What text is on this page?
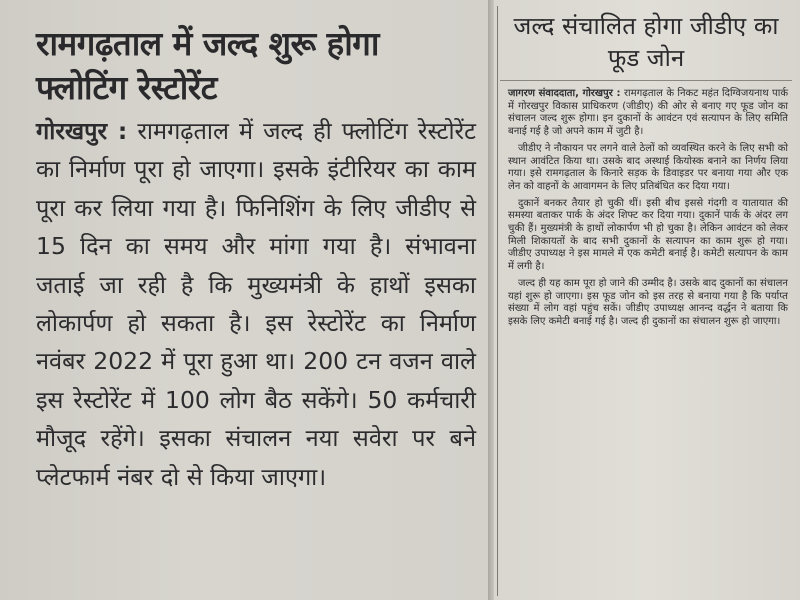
रामगढ़ताल में जल्द शुरू होगा फ्लोटिंग रेस्टोरेंट
गोरखपुर : रामगढ़ताल में जल्द ही फ्लोटिंग रेस्टोरेंट का निर्माण पूरा हो जाएगा। इसके इंटीरियर का काम पूरा कर लिया गया है। फिनिशिंग के लिए जीडीए से 15 दिन का समय और मांगा गया है। संभावना जताई जा रही है कि मुख्यमंत्री के हाथों इसका लोकार्पण हो सकता है। इस रेस्टोरेंट का निर्माण नवंबर 2022 में पूरा हुआ था। 200 टन वजन वाले इस रेस्टोरेंट में 100 लोग बैठ सकेंगे। 50 कर्मचारी मौजूद रहेंगे। इसका संचालन नया सवेरा पर बने प्लेटफार्म नंबर दो से किया जाएगा।
जल्द संचालित होगा जीडीए का फूड जोन

जागरण संवाददाता, गोरखपुर : रामगढ़ताल के निकट महंत दिग्विजयनाथ पार्क में गोरखपुर विकास प्राधिकरण (जीडीए) की ओर से बनाए गए फूड जोन का संचालन जल्द शुरू होगा। इन दुकानों के आवंटन एवं सत्यापन के लिए समिति बनाई गई है जो अपने काम में जुटी है।

जीडीए ने नौकायन पर लगने वाले ठेलों को व्यवस्थित करने के लिए सभी को स्थान आवंटित किया था। उसके बाद अस्थाई कियोस्क बनाने का निर्णय लिया गया। इसे रामगढ़ताल के किनारे सड़क के डिवाइडर पर बनाया गया और एक लेन को वाहनों के आवागमन के लिए प्रतिबंधित कर दिया गया।

दुकानें बनकर तैयार हो चुकी थीं। इसी बीच इससे गंदगी व यातायात की समस्या बताकर पार्क के अंदर शिफ्ट कर दिया गया। दुकानें पार्क के अंदर लग चुकी हैं। मुख्यमंत्री के हाथों लोकार्पण भी हो चुका है। लेकिन आवंटन को लेकर मिली शिकायतों के बाद सभी दुकानों के सत्यापन का काम शुरू हो गया। जीडीए उपाध्यक्ष ने इस मामले में एक कमेटी बनाई है। कमेटी सत्यापन के काम में लगी है।

जल्द ही यह काम पूरा हो जाने की उम्मीद है। उसके बाद दुकानों का संचालन यहां शुरू हो जाएगा। इस फूड जोन को इस तरह से बनाया गया है कि पर्याप्त संख्या में लोग वहां पहुंच सकें। जीडीए उपाध्यक्ष आनन्द वर्द्धन ने बताया कि इसके लिए कमेटी बनाई गई है। जल्द ही दुकानों का संचालन शुरू हो जाएगा।
